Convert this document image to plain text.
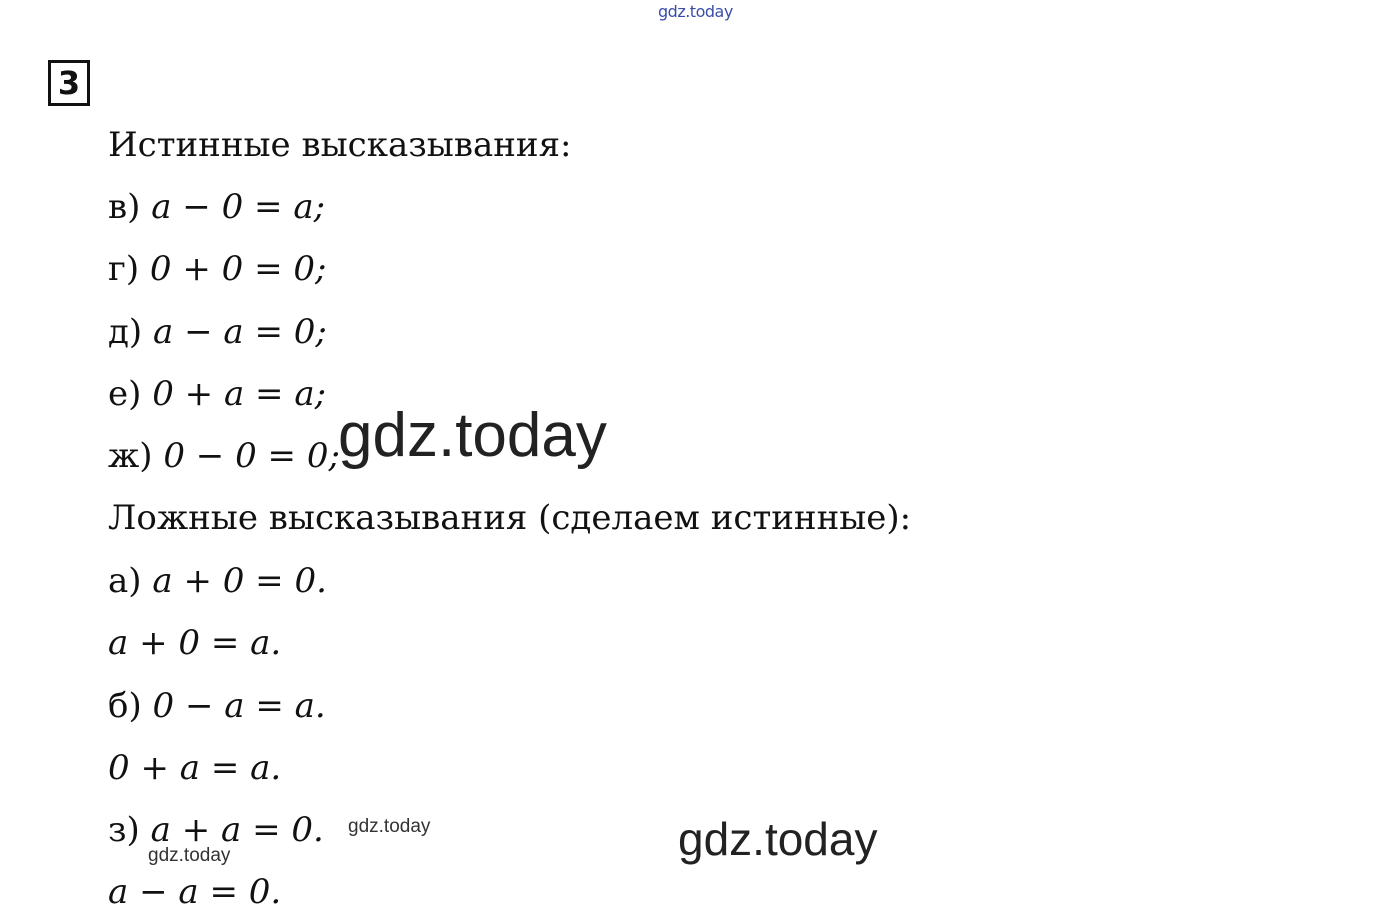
gdz.today
3
Истинные высказывания:
в) a − 0 = a;
г) 0 + 0 = 0;
д) a − a = 0;
е) 0 + a = a;
ж) 0 − 0 = 0;
Ложные высказывания (сделаем истинные):
а) a + 0 = 0.
a + 0 = a.
б) 0 − a = a.
0 + a = a.
з) a + a = 0.
a − a = 0.
gdz.today
gdz.today
gdz.today
gdz.today
